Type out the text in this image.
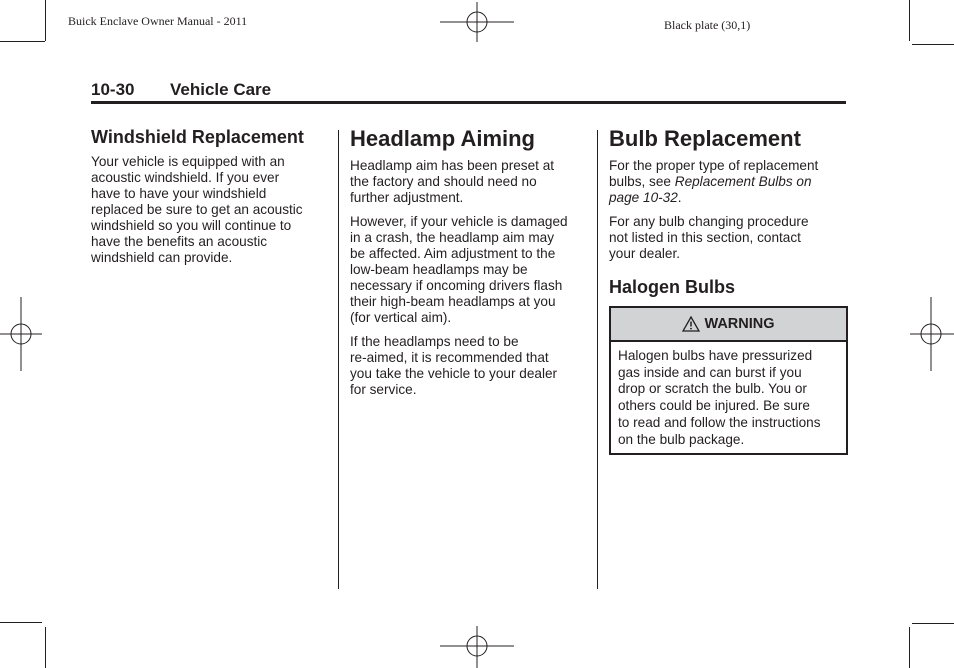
Buick Enclave Owner Manual - 2011	Black plate (30,1)
10-30 Vehicle Care
Windshield Replacement
Your vehicle is equipped with an
acoustic windshield. If you ever
have to have your windshield
replaced be sure to get an acoustic
windshield so you will continue to
have the benefits an acoustic
windshield can provide.
Headlamp Aiming
Headlamp aim has been preset at
the factory and should need no
further adjustment.
However, if your vehicle is damaged
in a crash, the headlamp aim may
be affected. Aim adjustment to the
low-beam headlamps may be
necessary if oncoming drivers flash
their high-beam headlamps at you
(for vertical aim).
If the headlamps need to be
re-aimed, it is recommended that
you take the vehicle to your dealer
for service.
Bulb Replacement
For the proper type of replacement
bulbs, see Replacement Bulbs on
page 10-32.
For any bulb changing procedure
not listed in this section, contact
your dealer.
Halogen Bulbs
WARNING
Halogen bulbs have pressurized
gas inside and can burst if you
drop or scratch the bulb. You or
others could be injured. Be sure
to read and follow the instructions
on the bulb package.
